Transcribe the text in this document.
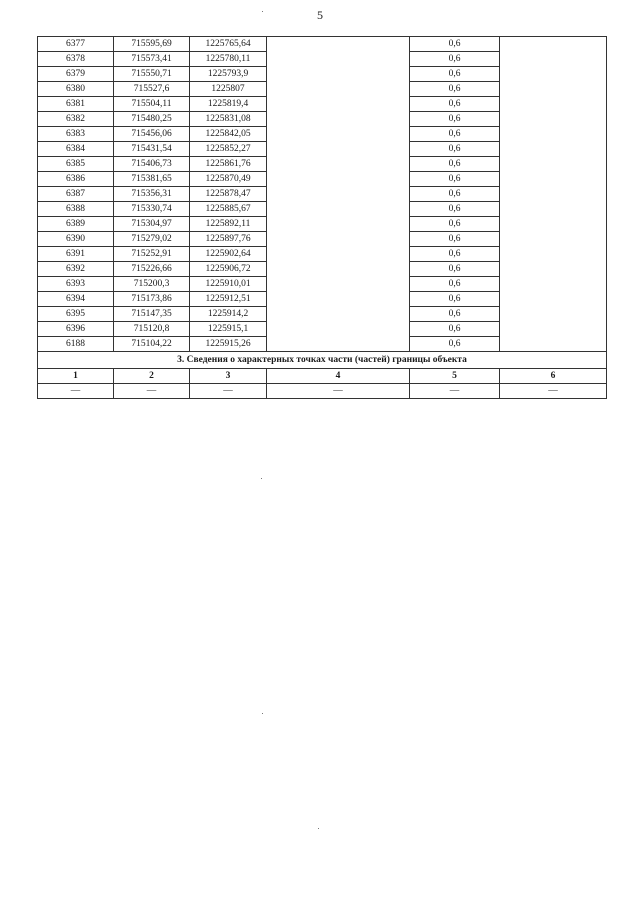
5
6377	715595,69	1225765,64		0,6	
6378	715573,41	1225780,11		0,6	
6379	715550,71	1225793,9		0,6	
6380	715527,6	1225807		0,6	
6381	715504,11	1225819,4		0,6	
6382	715480,25	1225831,08		0,6	
6383	715456,06	1225842,05		0,6	
6384	715431,54	1225852,27		0,6	
6385	715406,73	1225861,76		0,6	
6386	715381,65	1225870,49		0,6	
6387	715356,31	1225878,47		0,6	
6388	715330,74	1225885,67		0,6	
6389	715304,97	1225892,11		0,6	
6390	715279,02	1225897,76		0,6	
6391	715252,91	1225902,64		0,6	
6392	715226,66	1225906,72		0,6	
6393	715200,3	1225910,01		0,6	
6394	715173,86	1225912,51		0,6	
6395	715147,35	1225914,2		0,6	
6396	715120,8	1225915,1		0,6	
6188	715104,22	1225915,26		0,6	
3. Сведения о характерных точках части (частей) границы объекта					
1	2	3	4	5	6
—	—	—	—	—	—
